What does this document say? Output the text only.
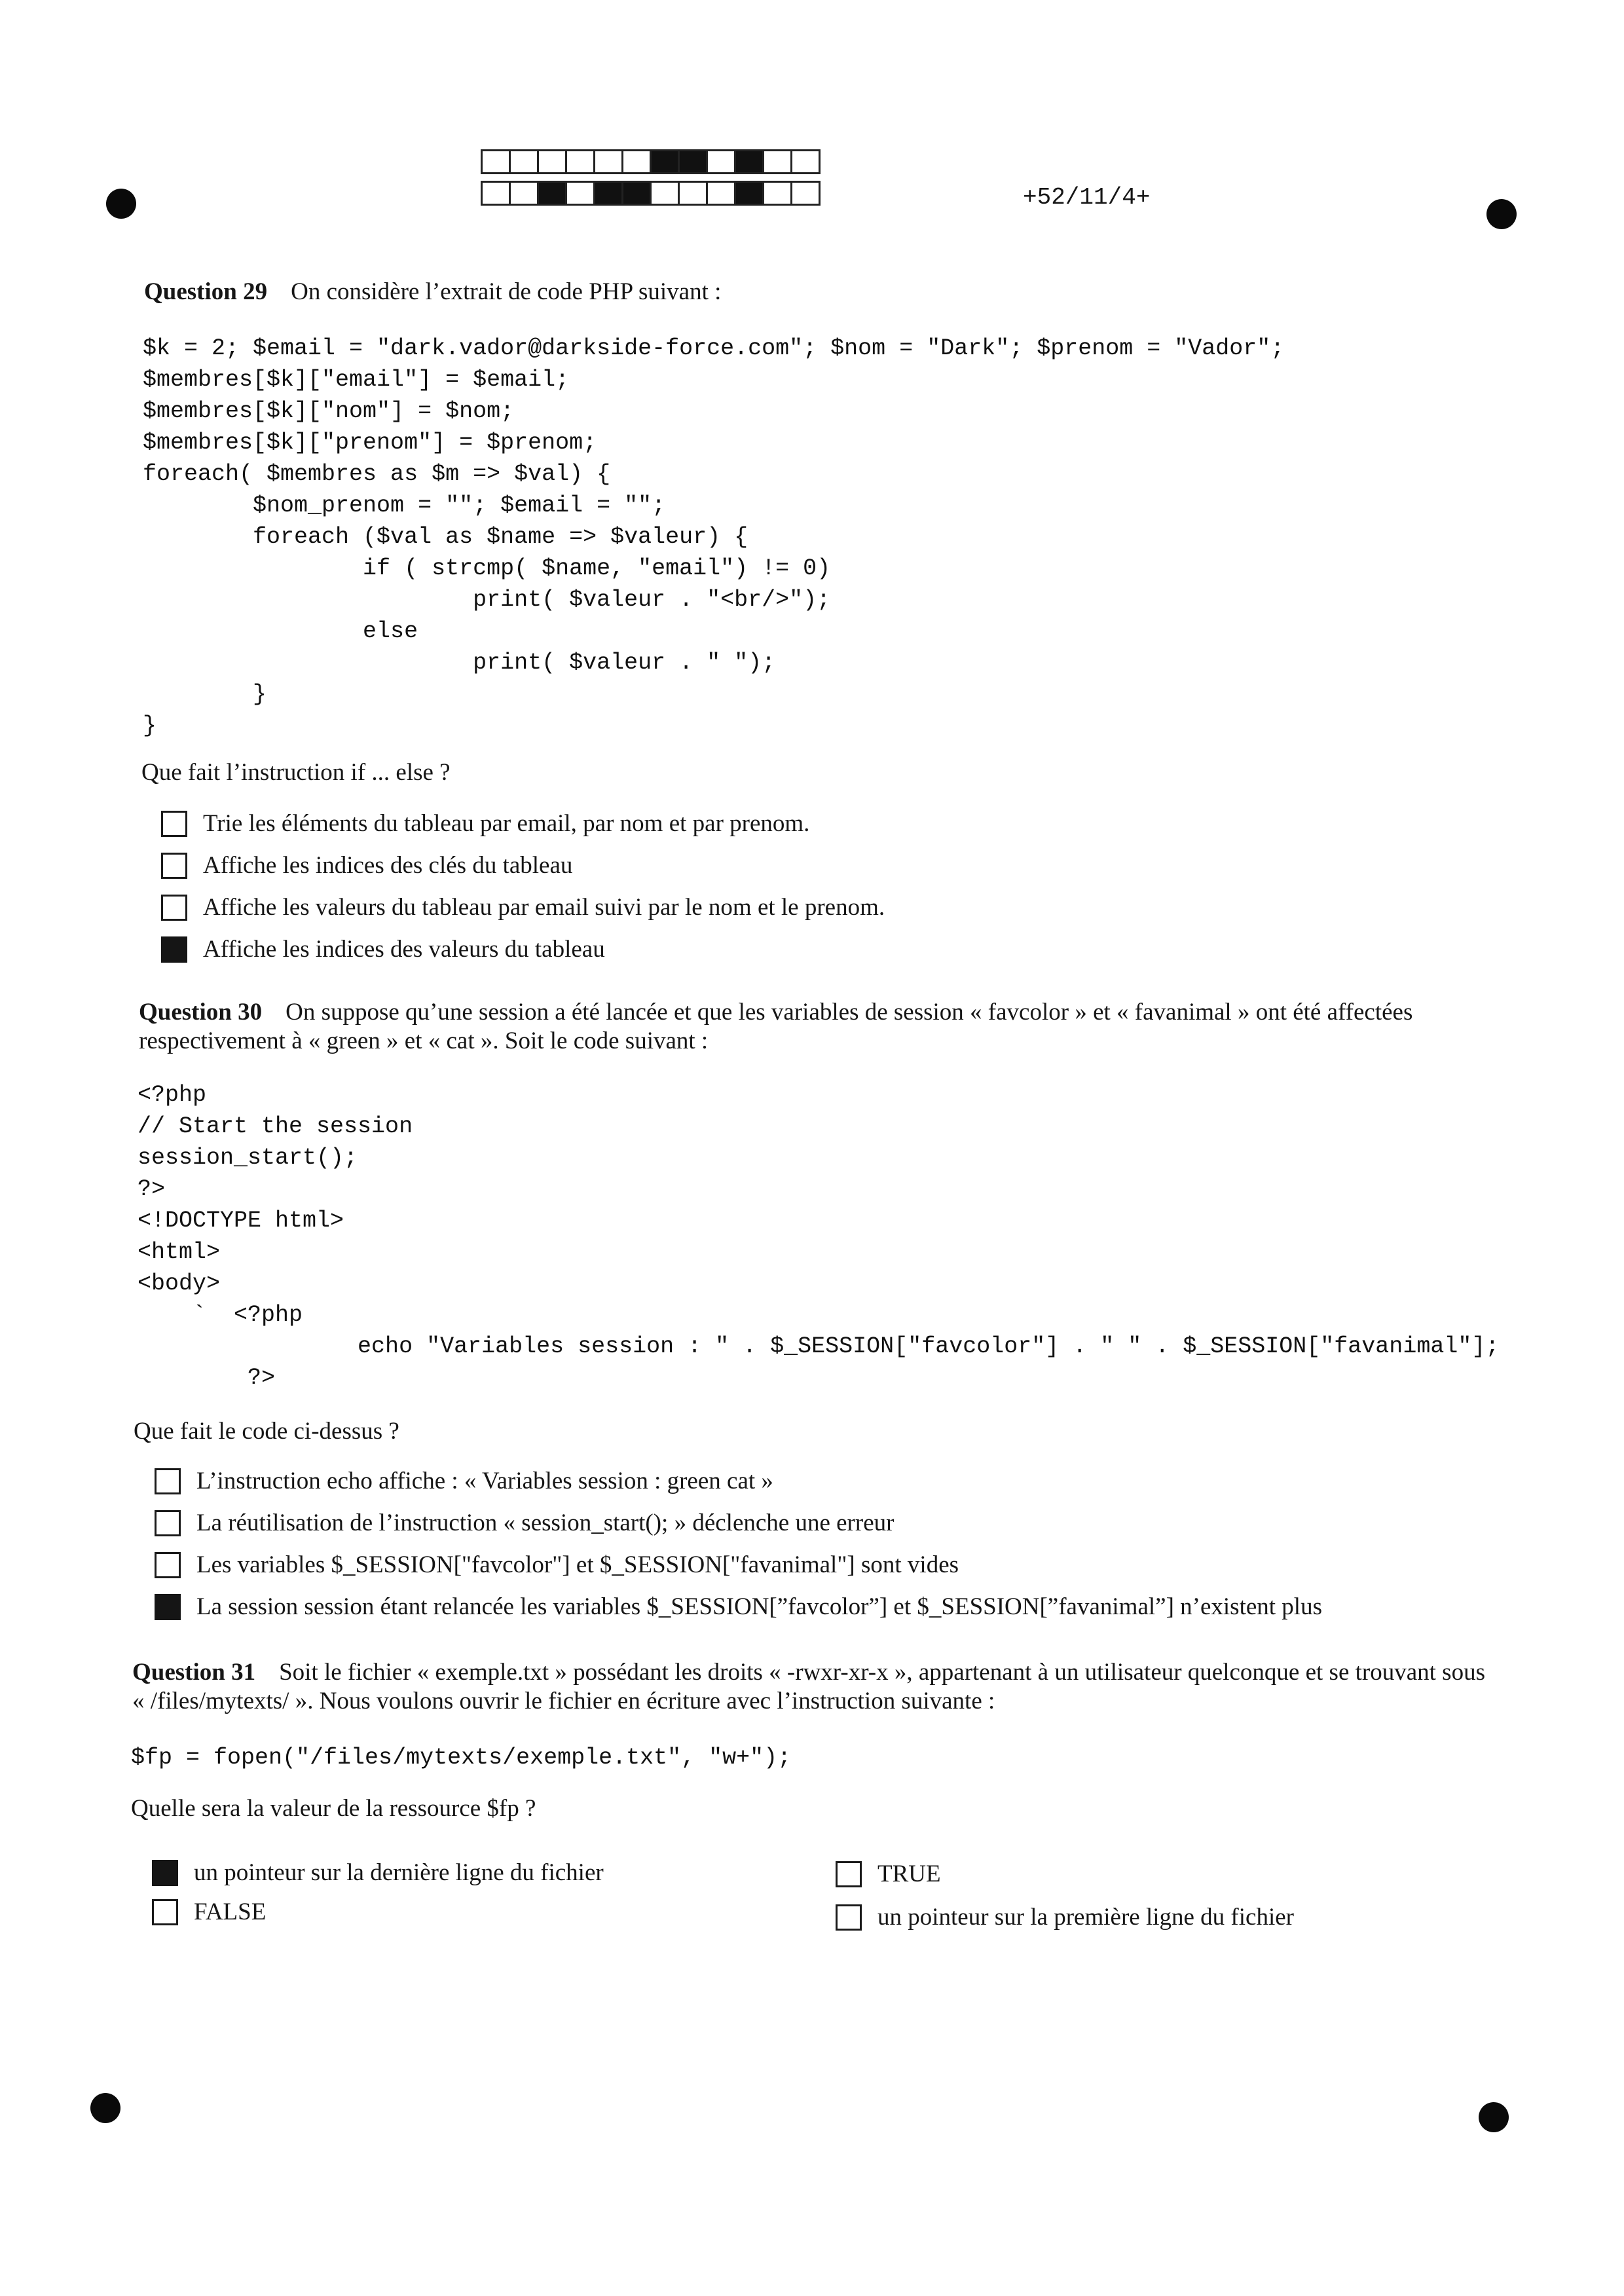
+52/11/4+

Question 29 On considère l’extrait de code PHP suivant :

$k = 2; $email = "dark.vador@darkside-force.com"; $nom = "Dark"; $prenom = "Vador";
$membres[$k]["email"] = $email;
$membres[$k]["nom"] = $nom;
$membres[$k]["prenom"] = $prenom;
foreach( $membres as $m => $val) {
$nom_prenom = ""; $email = "";
foreach ($val as $name => $valeur) {
if ( strcmp( $name, "email") != 0)
print( $valeur . "<br/>");
else
print( $valeur . " ");
}
}

Que fait l’instruction if ... else ?

Trie les éléments du tableau par email, par nom et par prenom.
Affiche les indices des clés du tableau
Affiche les valeurs du tableau par email suivi par le nom et le prenom.
Affiche les indices des valeurs du tableau

Question 30 On suppose qu’une session a été lancée et que les variables de session « favcolor » et « favanimal » ont été affectées respectivement à « green » et « cat ». Soit le code suivant :

<?php
// Start the session
session_start();
?>
<!DOCTYPE html>
<html>
<body>
`  <?php
echo "Variables session : " . $_SESSION["favcolor"] . " " . $_SESSION["favanimal"];
?>

Que fait le code ci-dessus ?

L’instruction echo affiche : « Variables session : green cat »
La réutilisation de l’instruction « session_start(); » déclenche une erreur
Les variables $_SESSION["favcolor"] et $_SESSION["favanimal"] sont vides
La session session étant relancée les variables $_SESSION[”favcolor”] et $_SESSION[”favanimal”] n’existent plus

Question 31 Soit le fichier « exemple.txt » possédant les droits « -rwxr-xr-x », appartenant à un utilisateur quelconque et se trouvant sous « /files/mytexts/ ». Nous voulons ouvrir le fichier en écriture avec l’instruction suivante :

$fp = fopen("/files/mytexts/exemple.txt", "w+");

Quelle sera la valeur de la ressource $fp ?

un pointeur sur la dernière ligne du fichier
FALSE
TRUE
un pointeur sur la première ligne du fichier
